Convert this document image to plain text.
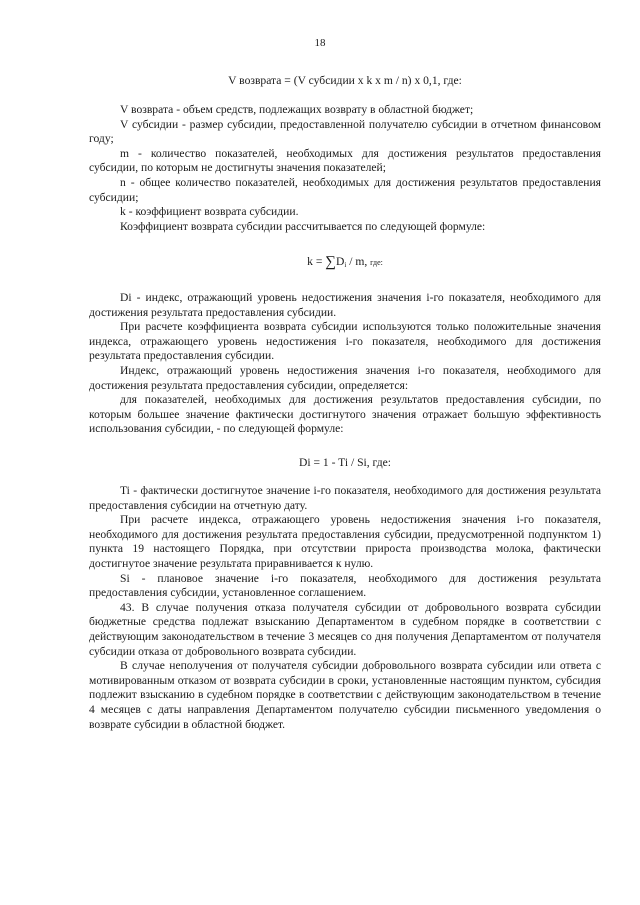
18
V возврата = (V субсидии x k x m / n) x 0,1, где:

V возврата - объем средств, подлежащих возврату в областной бюджет;

V субсидии - размер субсидии, предоставленной получателю субсидии в отчетном финансовом году;

m - количество показателей, необходимых для достижения результатов предоставления субсидии, по которым не достигнуты значения показателей;

n - общее количество показателей, необходимых для достижения результатов предоставления субсидии;

k - коэффициент возврата субсидии.

Коэффициент возврата субсидии рассчитывается по следующей формуле:

$k = \sum D_i / m$, где:

Di - индекс, отражающий уровень недостижения значения i-го показателя, необходимого для достижения результата предоставления субсидии.

При расчете коэффициента возврата субсидии используются только положительные значения индекса, отражающего уровень недостижения i-го показателя, необходимого для достижения результата предоставления субсидии.

Индекс, отражающий уровень недостижения значения i-го показателя, необходимого для достижения результата предоставления субсидии, определяется:

для показателей, необходимых для достижения результатов предоставления субсидии, по которым большее значение фактически достигнутого значения отражает большую эффективность использования субсидии, - по следующей формуле:

Di = 1 - Ti / Si, где:

Ti - фактически достигнутое значение i-го показателя, необходимого для достижения результата предоставления субсидии на отчетную дату.

При расчете индекса, отражающего уровень недостижения значения i-го показателя, необходимого для достижения результата предоставления субсидии, предусмотренной подпунктом 1) пункта 19 настоящего Порядка, при отсутствии прироста производства молока, фактически достигнутое значение результата приравнивается к нулю.

Si - плановое значение i-го показателя, необходимого для достижения результата предоставления субсидии, установленное соглашением.

43. В случае получения отказа получателя субсидии от добровольного возврата субсидии бюджетные средства подлежат взысканию Департаментом в судебном порядке в соответствии с действующим законодательством в течение 3 месяцев со дня получения Департаментом от получателя субсидии отказа от добровольного возврата субсидии.

В случае неполучения от получателя субсидии добровольного возврата субсидии или ответа с мотивированным отказом от возврата субсидии в сроки, установленные настоящим пунктом, субсидия подлежит взысканию в судебном порядке в соответствии с действующим законодательством в течение 4 месяцев с даты направления Департаментом получателю субсидии письменного уведомления о возврате субсидии в областной бюджет.
